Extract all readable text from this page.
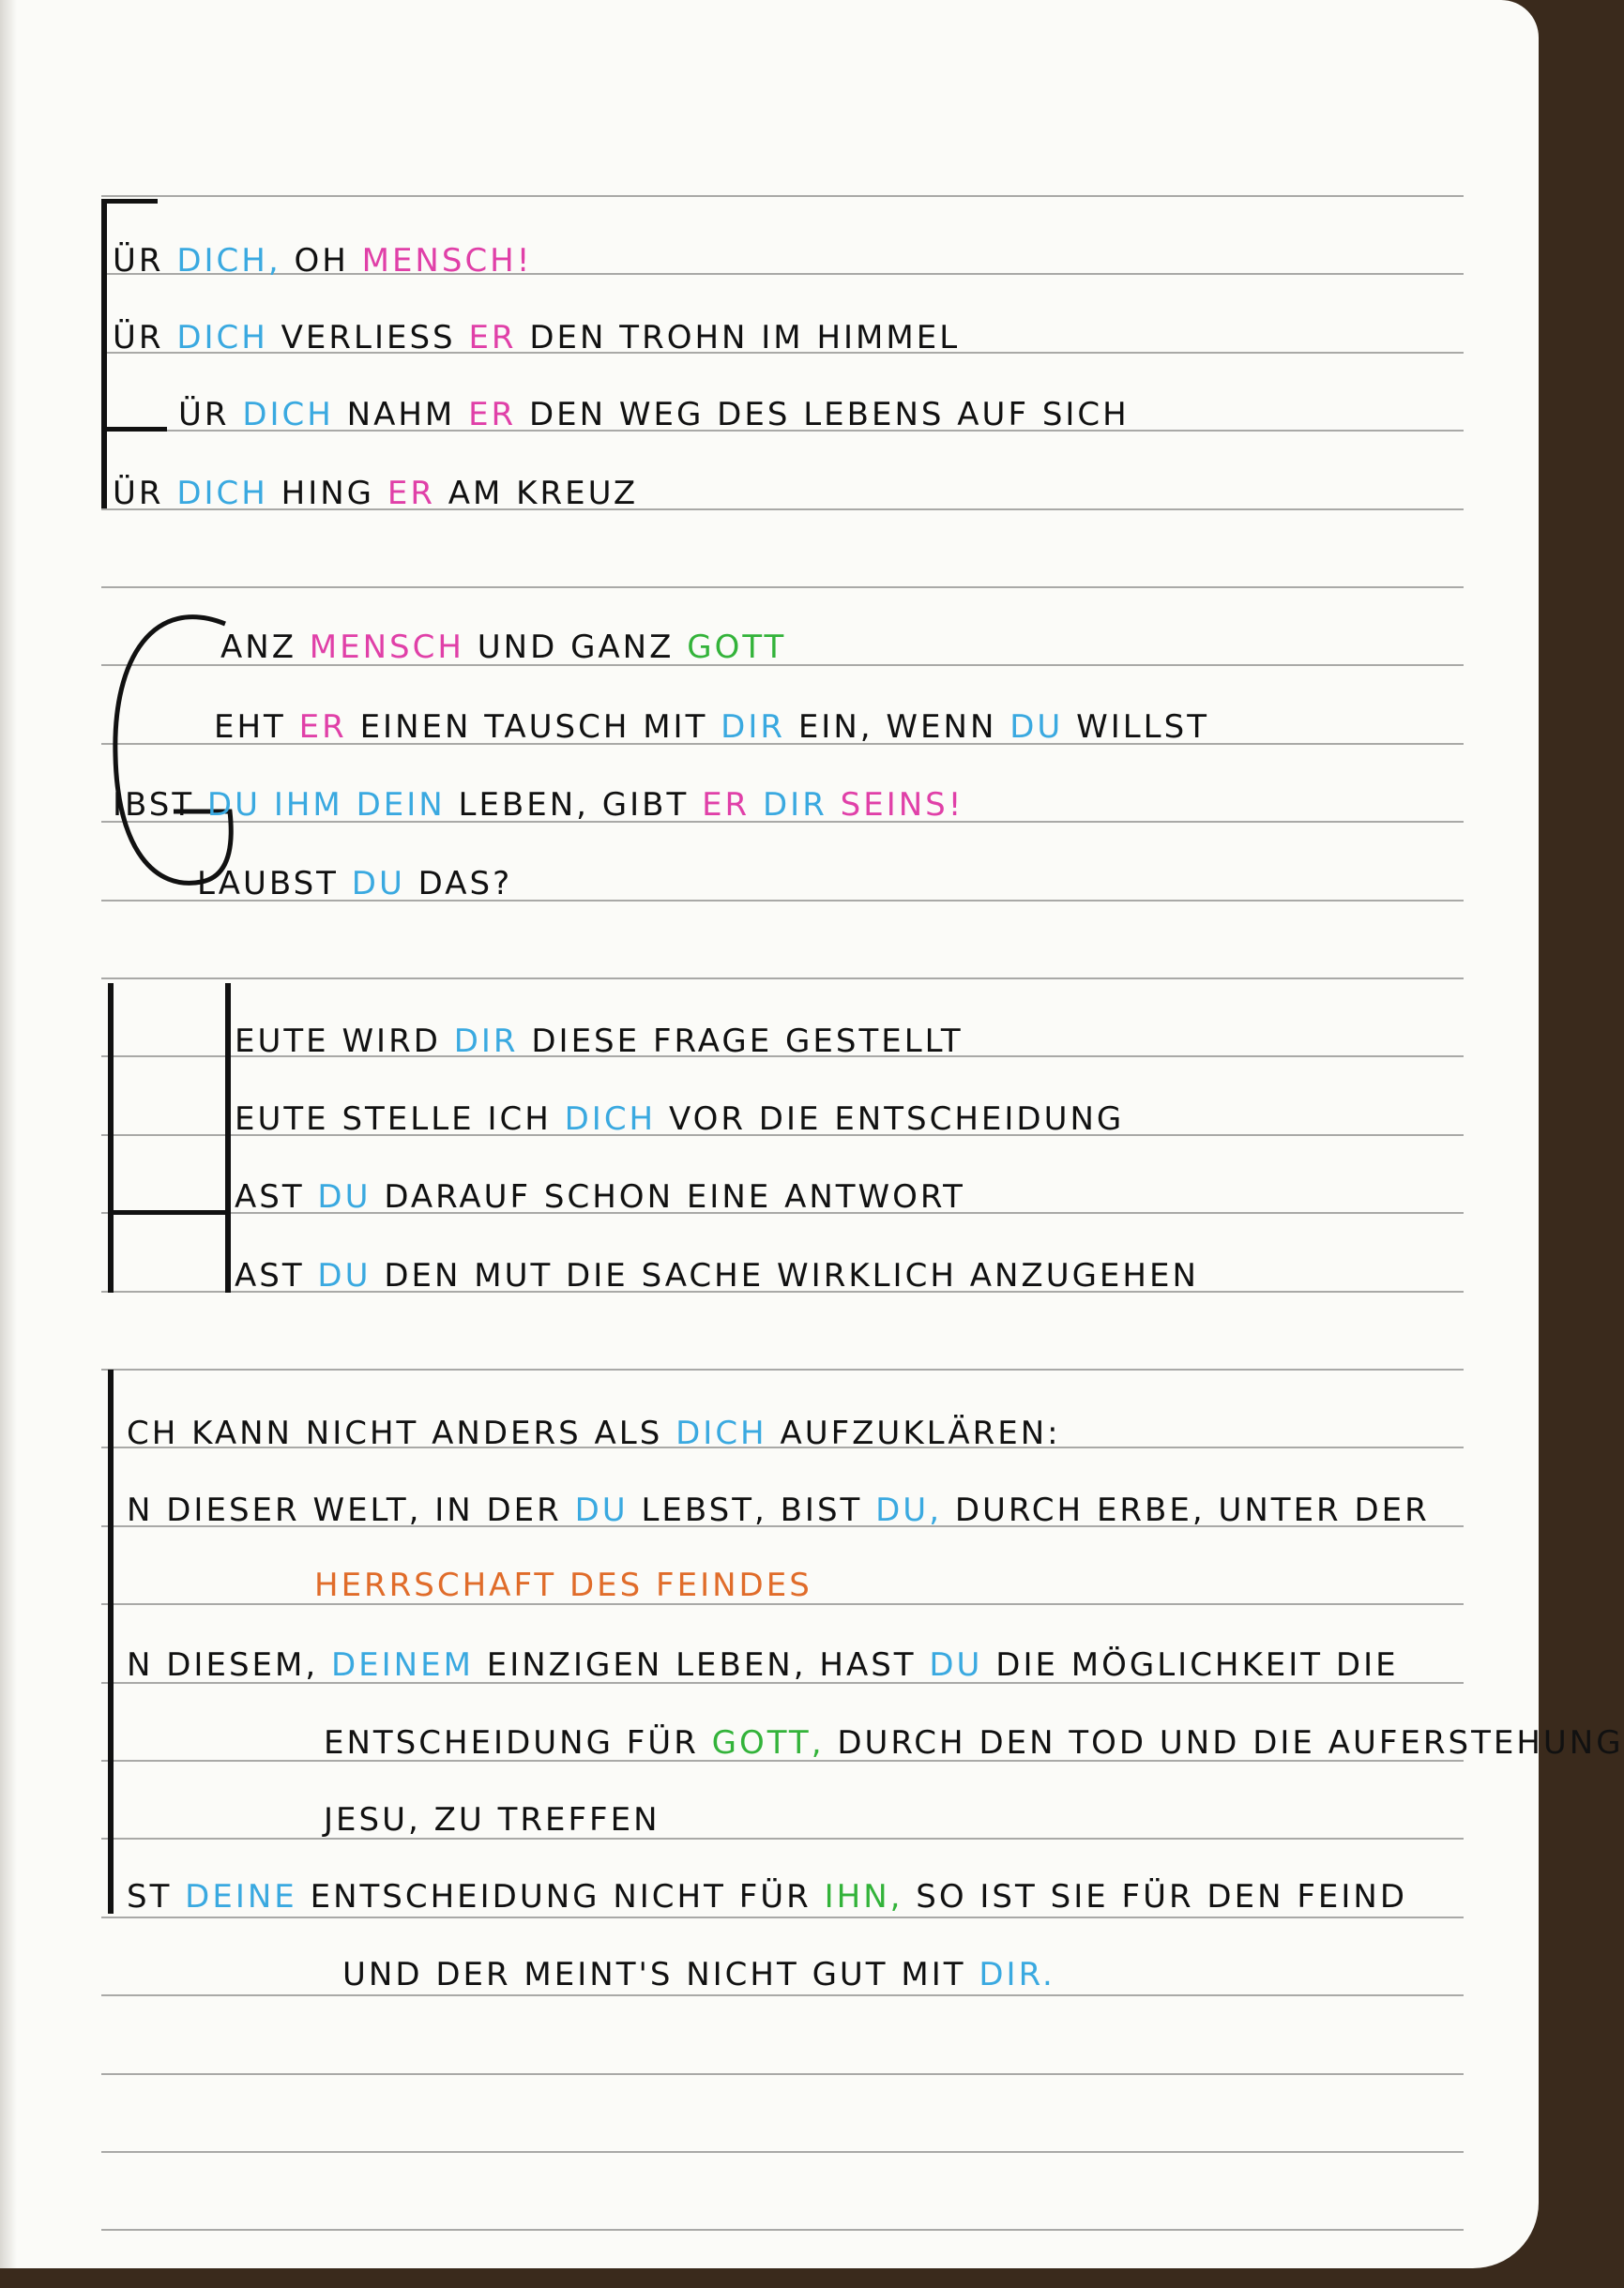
ÜR DICH, OH MENSCH!
ÜR DICH VERLIESS ER DEN TROHN IM HIMMEL
ÜR DICH NAHM ER DEN WEG DES LEBENS AUF SICH
ÜR DICH HING ER AM KREUZ
ANZ MENSCH UND GANZ GOTT
EHT ER EINEN TAUSCH MIT DIR EIN, WENN DU WILLST
IBST DU IHM DEIN LEBEN, GIBT ER DIR SEINS!
LAUBST DU DAS?
EUTE WIRD DIR DIESE FRAGE GESTELLT
EUTE STELLE ICH DICH VOR DIE ENTSCHEIDUNG
AST DU DARAUF SCHON EINE ANTWORT
AST DU DEN MUT DIE SACHE WIRKLICH ANZUGEHEN
CH KANN NICHT ANDERS ALS DICH AUFZUKLÄREN:
N DIESER WELT, IN DER DU LEBST, BIST DU, DURCH ERBE, UNTER DER
HERRSCHAFT DES FEINDES
N DIESEM, DEINEM EINZIGEN LEBEN, HAST DU DIE MÖGLICHKEIT DIE
ENTSCHEIDUNG FÜR GOTT, DURCH DEN TOD UND DIE AUFERSTEHUNG
JESU, ZU TREFFEN
ST DEINE ENTSCHEIDUNG NICHT FÜR IHN, SO IST SIE FÜR DEN FEIND
UND DER MEINT'S NICHT GUT MIT DIR.
